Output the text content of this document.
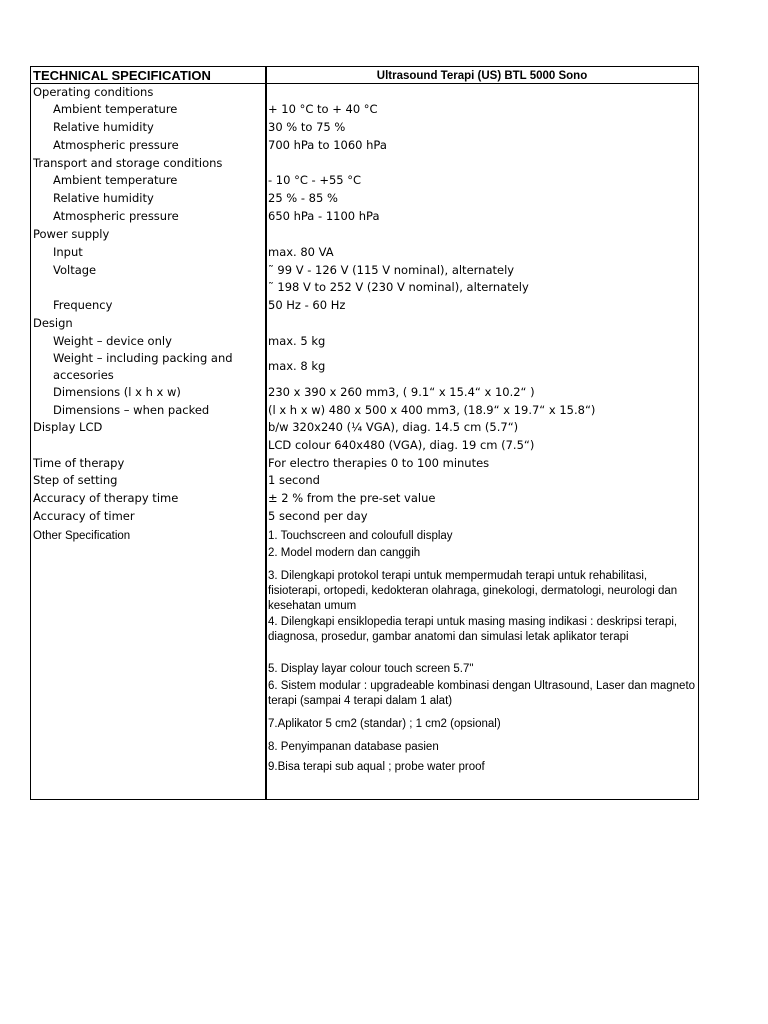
TECHNICAL SPECIFICATION	Ultrasound Terapi (US) BTL 5000 Sono
Operating conditions
Ambient temperature
Relative humidity
Atmospheric pressure
Transport and storage conditions
Ambient temperature
Relative humidity
Atmospheric pressure
Power supply
Input
Voltage
Frequency
Design
Weight – device only
Weight – including packing and
accesories
Dimensions (l x h x w)
Dimensions – when packed
Display LCD
Time of therapy
Step of setting
Accuracy of therapy time
Accuracy of timer
+ 10 °C to + 40 °C
30 % to 75 %
700 hPa to 1060 hPa
- 10 °C - +55 °C
25 % - 85 %
650 hPa - 1100 hPa
max. 80 VA
˜ 99 V - 126 V (115 V nominal), alternately
˜ 198 V to 252 V (230 V nominal), alternately
50 Hz - 60 Hz
max. 5 kg
max. 8 kg
230 x 390 x 260 mm3, ( 9.1“ x 15.4“ x 10.2“ )
(l x h x w) 480 x 500 x 400 mm3, (18.9“ x 19.7“ x 15.8“)
b/w 320x240 (¼ VGA), diag. 14.5 cm (5.7“)
LCD colour 640x480 (VGA), diag. 19 cm (7.5“)
For electro therapies 0 to 100 minutes
1 second
± 2 % from the pre-set value
5 second per day
Other Specification	1. Touchscreen and coloufull display
2. Model modern dan canggih
3. Dilengkapi protokol terapi untuk mempermudah terapi untuk rehabilitasi, fisioterapi, ortopedi, kedokteran olahraga, ginekologi, dermatologi, neurologi dan kesehatan umum
4. Dilengkapi ensiklopedia terapi untuk masing masing indikasi : deskripsi terapi, diagnosa, prosedur, gambar anatomi dan simulasi letak aplikator terapi
5. Display layar colour touch screen 5.7"
6. Sistem modular : upgradeable kombinasi dengan Ultrasound, Laser dan magneto terapi (sampai 4 terapi dalam 1 alat)
7.Aplikator 5 cm2 (standar) ; 1 cm2 (opsional)
8. Penyimpanan database pasien
9.Bisa terapi sub aqual ; probe water proof
